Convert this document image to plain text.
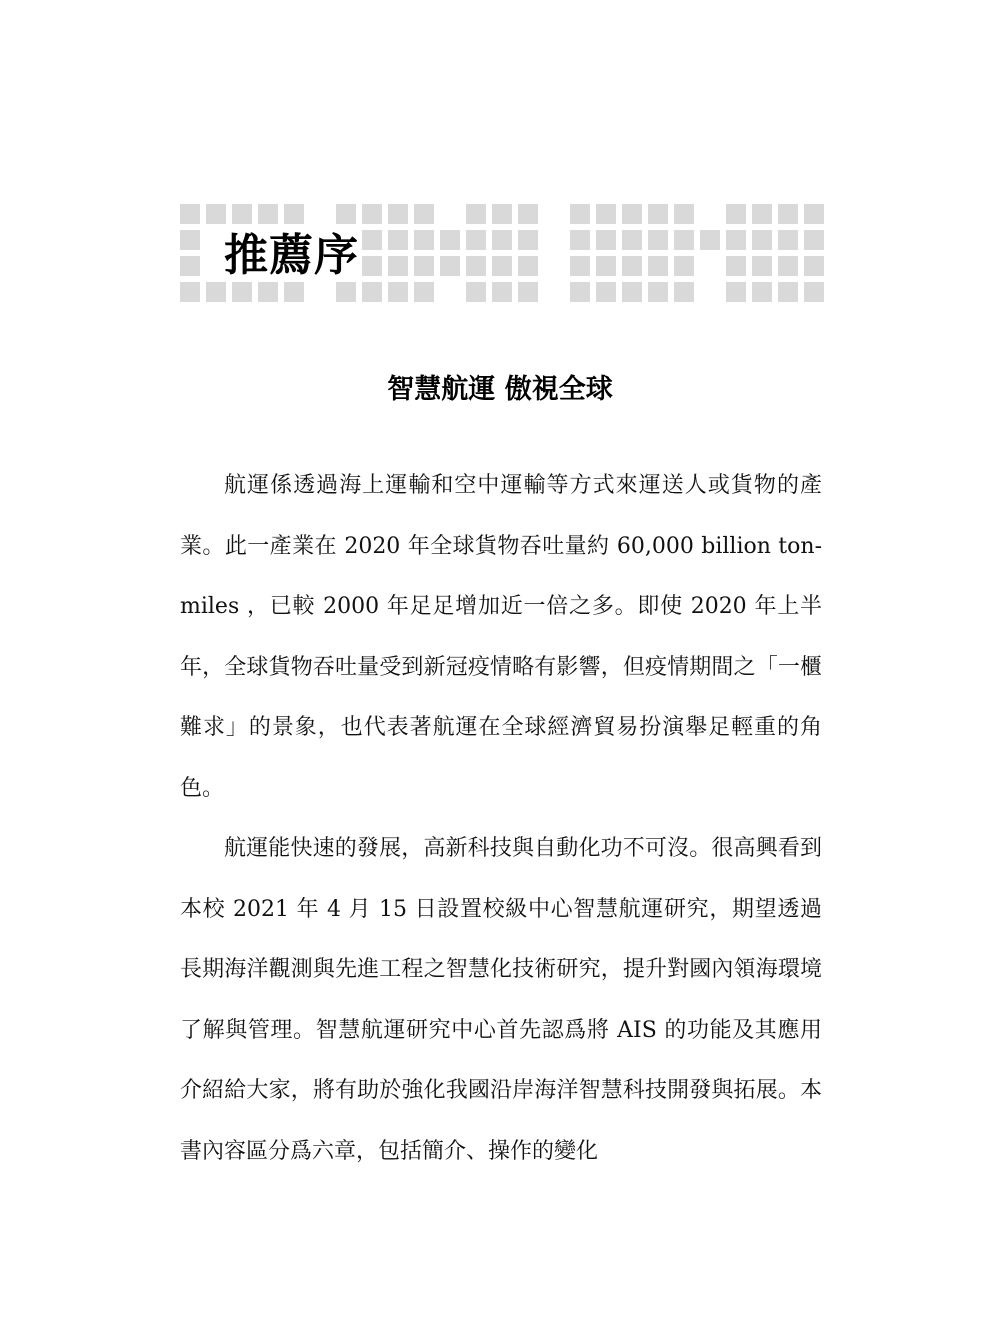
推薦序
智慧航運 傲視全球

航運係透過海上運輸和空中運輸等方式來運送人或貨物的產業。此一產業在 2020 年全球貨物吞吐量約 60,000 billion ton-miles ，已較 2000 年足足增加近一倍之多。即使 2020 年上半年，全球貨物吞吐量受到新冠疫情略有影響，但疫情期間之「一櫃難求」的景象，也代表著航運在全球經濟貿易扮演舉足輕重的角色。

航運能快速的發展，高新科技與自動化功不可沒。很高興看到本校 2021 年 4 月 15 日設置校級中心智慧航運研究，期望透過長期海洋觀測與先進工程之智慧化技術研究，提升對國內領海環境了解與管理。智慧航運研究中心首先認爲將 AIS 的功能及其應用介紹給大家，將有助於強化我國沿岸海洋智慧科技開發與拓展。本書內容區分爲六章，包括簡介、操作的變化
